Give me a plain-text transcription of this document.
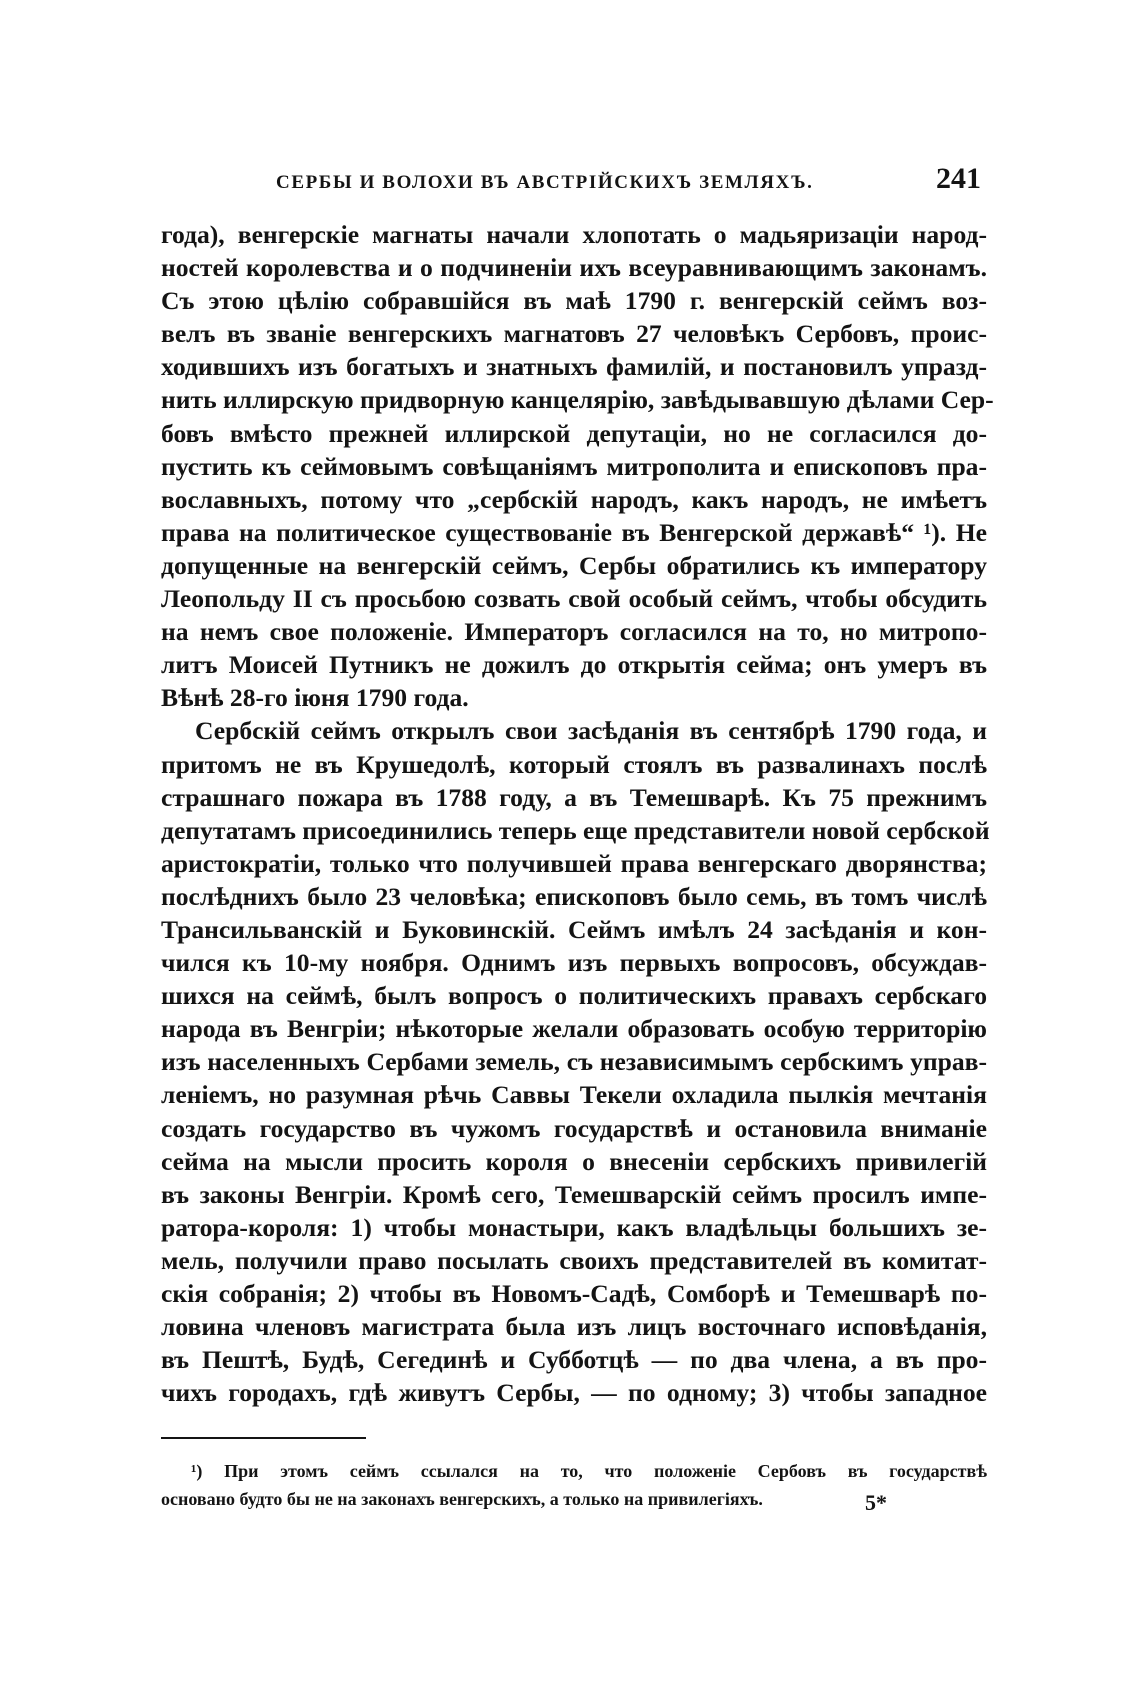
СЕРБЫ И ВОЛОХИ ВЪ АВСТРІЙСКИХЪ ЗЕМЛЯХЪ.	241
года), венгерскіе магнаты начали хлопотать о мадьяризаціи народ-
ностей королевства и о подчиненіи ихъ всеуравнивающимъ законамъ.
Съ этою цѣлію собравшійся въ маѣ 1790 г. венгерскій сеймъ воз-
велъ въ званіе венгерскихъ магнатовъ 27 человѣкъ Сербовъ, проис-
ходившихъ изъ богатыхъ и знатныхъ фамилій, и постановилъ упразд-
нить иллирскую придворную канцелярію, завѣдывавшую дѣлами Сер-
бовъ вмѣсто прежней иллирской депутаціи, но не согласился до-
пустить къ сеймовымъ совѣщаніямъ митрополита и епископовъ пра-
вославныхъ, потому что „сербскій народъ, какъ народъ, не имѣетъ
права на политическое существованіе въ Венгерской державѣ“ ¹). Не
допущенные на венгерскій сеймъ, Сербы обратились къ императору
Леопольду II съ просьбою созвать свой особый сеймъ, чтобы обсудить
на немъ свое положеніе. Императоръ согласился на то, но митропо-
литъ Моисей Путникъ не дожилъ до открытія сейма; онъ умеръ въ
Вѣнѣ 28-го іюня 1790 года.
Сербскій сеймъ открылъ свои засѣданія въ сентябрѣ 1790 года, и
притомъ не въ Крушедолѣ, который стоялъ въ развалинахъ послѣ
страшнаго пожара въ 1788 году, а въ Темешварѣ. Къ 75 прежнимъ
депутатамъ присоединились теперь еще представители новой сербской
аристократіи, только что получившей права венгерскаго дворянства;
послѣднихъ было 23 человѣка; епископовъ было семь, въ томъ числѣ
Трансильванскій и Буковинскій. Сеймъ имѣлъ 24 засѣданія и кон-
чился къ 10-му ноября. Однимъ изъ первыхъ вопросовъ, обсуждав-
шихся на сеймѣ, былъ вопросъ о политическихъ правахъ сербскаго
народа въ Венгріи; нѣкоторые желали образовать особую территорію
изъ населенныхъ Сербами земель, съ независимымъ сербскимъ управ-
леніемъ, но разумная рѣчь Саввы Текели охладила пылкія мечтанія
создать государство въ чужомъ государствѣ и остановила вниманіе
сейма на мысли просить короля о внесеніи сербскихъ привилегій
въ законы Венгріи. Кромѣ сего, Темешварскій сеймъ просилъ импе-
ратора-короля: 1) чтобы монастыри, какъ владѣльцы большихъ зе-
мель, получили право посылать своихъ представителей въ комитат-
скія собранія; 2) чтобы въ Новомъ-Садѣ, Сомборѣ и Темешварѣ по-
ловина членовъ магистрата была изъ лицъ восточнаго исповѣданія,
въ Пештѣ, Будѣ, Сегединѣ и Субботцѣ — по два члена, а въ про-
чихъ городахъ, гдѣ живутъ Сербы, — по одному; 3) чтобы западное
¹) При этомъ сеймъ ссылался на то, что положеніе Сербовъ въ государствѣ
основано будто бы не на законахъ венгерскихъ, а только на привилегіяхъ.	5*
